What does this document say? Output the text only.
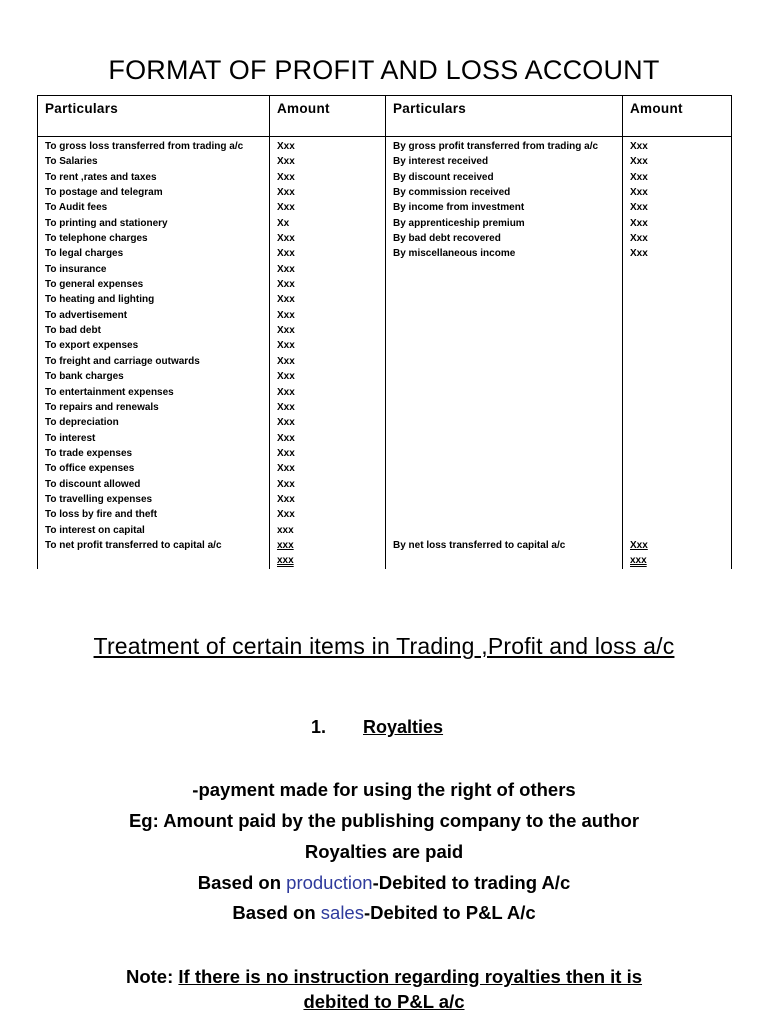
FORMAT OF PROFIT AND LOSS ACCOUNT
Particulars	Amount	Particulars	Amount
To gross loss transferred from trading a/c	Xxx	By gross profit transferred from trading a/c	Xxx
To Salaries	Xxx	By interest received	Xxx
To rent ,rates and taxes	Xxx	By discount received	Xxx
To postage and telegram	Xxx	By commission received	Xxx
To Audit fees	Xxx	By income from investment	Xxx
To printing and stationery	Xx	By apprenticeship premium	Xxx
To telephone charges	Xxx	By bad debt recovered	Xxx
To legal charges	Xxx	By miscellaneous income	Xxx
To insurance	Xxx		
To general expenses	Xxx		
To heating and lighting	Xxx		
To advertisement	Xxx		
To bad debt	Xxx		
To export expenses	Xxx		
To freight and carriage outwards	Xxx		
To bank charges	Xxx		
To entertainment expenses	Xxx		
To repairs and renewals	Xxx		
To depreciation	Xxx		
To interest	Xxx		
To trade expenses	Xxx		
To office expenses	Xxx		
To discount allowed	Xxx		
To travelling expenses	Xxx		
To loss by fire and theft	Xxx		
To interest on capital	xxx		
To net profit transferred to capital a/c	xxx	By net loss transferred to capital a/c	Xxx
	xxx		xxx
Treatment of certain items in Trading ,Profit and loss a/c
1. Royalties
-payment made for using the right of others
Eg: Amount paid by the publishing company to the author
Royalties are paid
Based on production-Debited to trading A/c
Based on sales-Debited to P&L A/c
Note: If there is no instruction regarding royalties then it is
debited to P&L a/c
